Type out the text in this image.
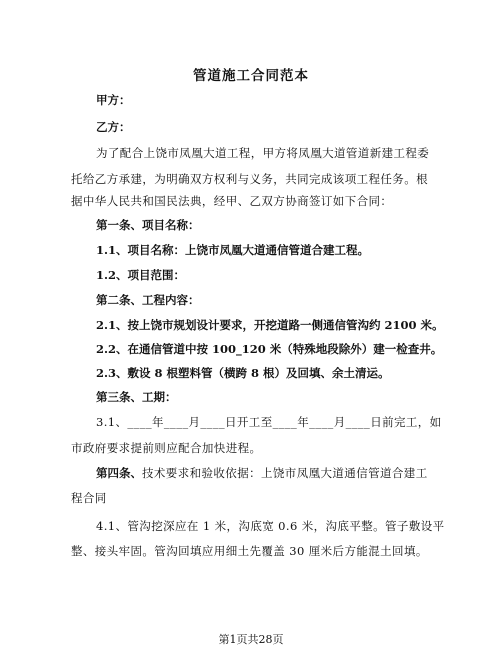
管道施工合同范本
甲方：
乙方：
为了配合上饶市凤凰大道工程，甲方将凤凰大道管道新建工程委
托给乙方承建，为明确双方权利与义务，共同完成该项工程任务。根
据中华人民共和国民法典，经甲、乙双方协商签订如下合同：
第一条、项目名称：
1.1、项目名称：上饶市凤凰大道通信管道合建工程。
1.2、项目范围：
第二条、工程内容：
2.1、按上饶市规划设计要求，开挖道路一侧通信管沟约 2100 米。
2.2、在通信管道中按 100_120 米（特殊地段除外）建一检查井。
2.3、敷设 8 根塑料管（横跨 8 根）及回填、余土清运。
第三条、工期：
3.1、____年____月____日开工至____年____月____日前完工，如
市政府要求提前则应配合加快进程。
第四条、技术要求和验收依据：上饶市凤凰大道通信管道合建工
程合同
4.1、管沟挖深应在 1 米，沟底宽 0.6 米，沟底平整。管子敷设平
整、接头牢固。管沟回填应用细土先覆盖 30 厘米后方能混土回填。
第1页共28页
